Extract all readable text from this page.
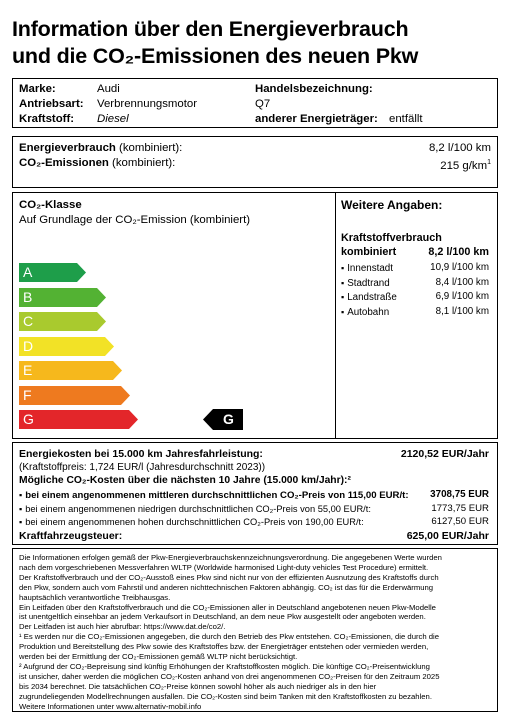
Information über den Energieverbrauch
und die CO₂-Emissionen des neuen Pkw
Marke:	Audi
Antriebsart: Verbrennungsmotor
Kraftstoff: Diesel
Handelsbezeichnung:
Q7
anderer Energieträger: entfällt
Energieverbrauch (kombiniert):	8,2 l/100 km
CO₂-Emissionen (kombiniert):	215 $g/km^1$
CO₂-Klasse
Auf Grundlage der CO₂-Emission (kombiniert)
A
B
C
D
E
F
G	G
Weitere Angaben:
Kraftstoffverbrauch
kombiniert	8,2 l/100 km
▪ Innenstadt	10,9 l/100 km
▪ Stadtrand	8,4 l/100 km
▪ Landstraße	6,9 l/100 km
▪ Autobahn	8,1 l/100 km
Energiekosten bei 15.000 km Jahresfahrleistung:	2120,52 EUR/Jahr
(Kraftstoffpreis: 1,724 EUR/l (Jahresdurchschnitt 2023))
Mögliche CO₂-Kosten über die nächsten 10 Jahre (15.000 km/Jahr):²
▪ bei einem angenommenen mittleren durchschnittlichen CO₂-Preis von 115,00 EUR/t: 3708,75 EUR
▪ bei einem angenommenen niedrigen durchschnittlichen CO₂-Preis von 55,00 EUR/t:	1773,75 EUR
▪ bei einem angenommenen hohen durchschnittlichen CO₂-Preis von 190,00 EUR/t:	6127,50 EUR
Kraftfahrzeugsteuer:	625,00 EUR/Jahr
Die Informationen erfolgen gemäß der Pkw-Energieverbrauchskennzeichnungsverordnung. Die angegebenen Werte wurden
nach dem vorgeschriebenen Messverfahren WLTP (Worldwide harmonised Light-duty vehicles Test Procedure) ermittelt.
Der Kraftstoffverbrauch und der CO₂-Ausstoß eines Pkw sind nicht nur von der effizienten Ausnutzung des Kraftstoffs durch
den Pkw, sondern auch vom Fahrstil und anderen nichttechnischen Faktoren abhängig. CO₂ ist das für die Erderwärmung
hauptsächlich verantwortliche Treibhausgas.
Ein Leitfaden über den Kraftstoffverbrauch und die CO₂-Emissionen aller in Deutschland angebotenen neuen Pkw-Modelle
ist unentgeltlich einsehbar an jedem Verkaufsort in Deutschland, an dem neue Pkw ausgestellt oder angeboten werden.
Der Leitfaden ist auch hier abrufbar: https://www.dat.de/co2/.
¹ Es werden nur die CO₂-Emissionen angegeben, die durch den Betrieb des Pkw entstehen. CO₂-Emissionen, die durch die
Produktion und Bereitstellung des Pkw sowie des Kraftstoffes bzw. der Energieträger entstehen oder vermieden werden,
werden bei der Ermittlung der CO₂-Emissionen gemäß WLTP nicht berücksichtigt.
² Aufgrund der CO₂-Bepreisung sind künftig Erhöhungen der Kraftstoffkosten möglich. Die künftige CO₂-Preisentwicklung
ist unsicher, daher werden die möglichen CO₂-Kosten anhand von drei angenommenen CO₂-Preisen für den Zeitraum 2025
bis 2034 berechnet. Die tatsächlichen CO₂-Preise können sowohl höher als auch niedriger als in den hier
zugrundeliegenden Modellrechnungen ausfallen. Die CO₂-Kosten sind beim Tanken mit den Kraftstoffkosten zu bezahlen.
Weitere Informationen unter www.alternativ-mobil.info
